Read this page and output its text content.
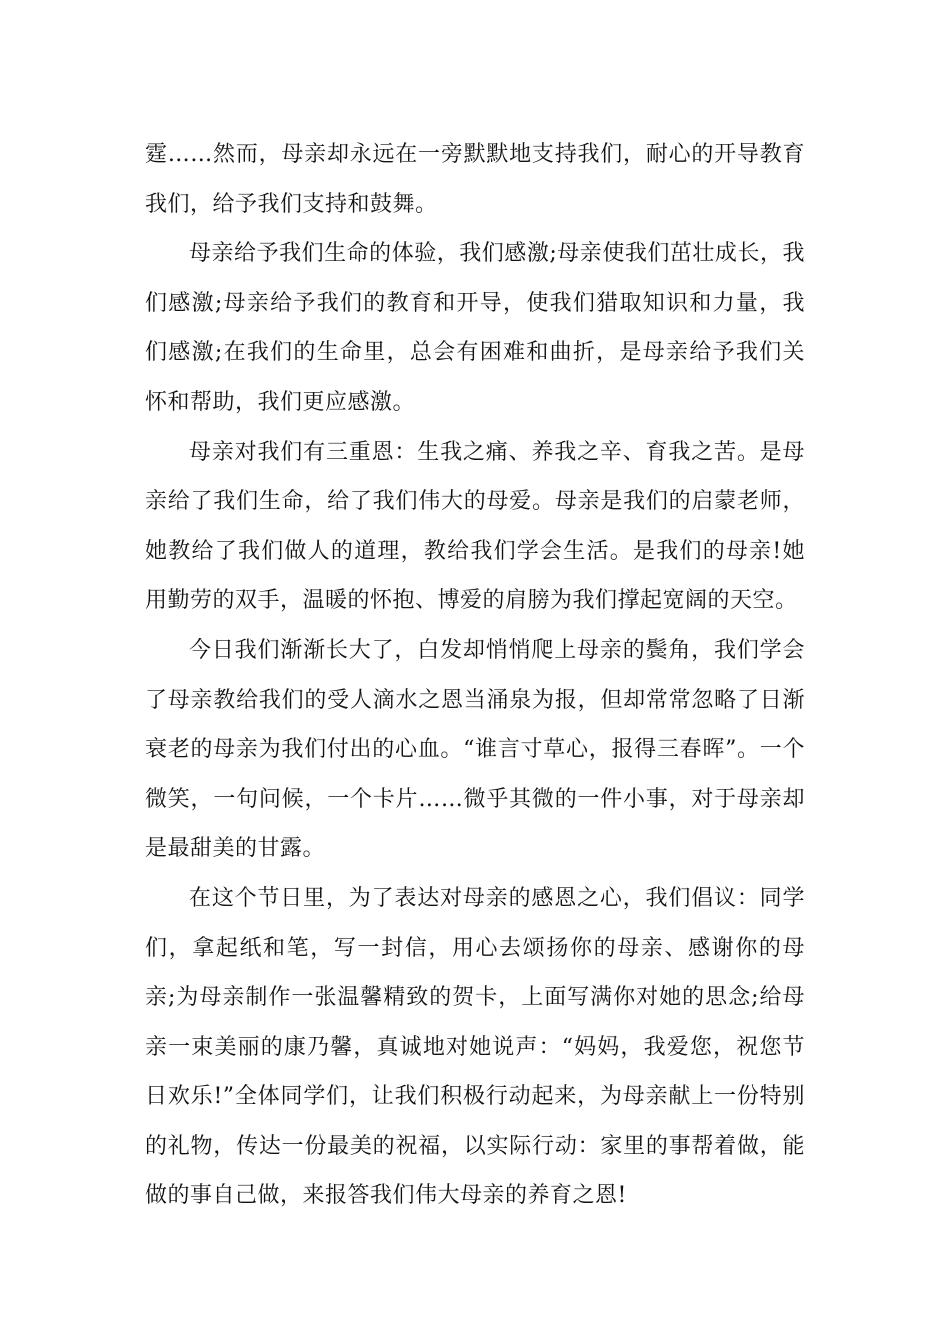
霆……然而，母亲却永远在一旁默默地支持我们，耐心的开导教育我们，给予我们支持和鼓舞。

母亲给予我们生命的体验，我们感激;母亲使我们茁壮成长，我们感激;母亲给予我们的教育和开导，使我们猎取知识和力量，我们感激;在我们的生命里，总会有困难和曲折，是母亲给予我们关怀和帮助，我们更应感激。

母亲对我们有三重恩：生我之痛、养我之辛、育我之苦。是母亲给了我们生命，给了我们伟大的母爱。母亲是我们的启蒙老师，她教给了我们做人的道理，教给我们学会生活。是我们的母亲!她用勤劳的双手，温暖的怀抱、博爱的肩膀为我们撑起宽阔的天空。

今日我们渐渐长大了，白发却悄悄爬上母亲的鬓角，我们学会了母亲教给我们的受人滴水之恩当涌泉为报，但却常常忽略了日渐衰老的母亲为我们付出的心血。“谁言寸草心，报得三春晖”。一个微笑，一句问候，一个卡片……微乎其微的一件小事，对于母亲却是最甜美的甘露。

在这个节日里，为了表达对母亲的感恩之心，我们倡议：同学们，拿起纸和笔，写一封信，用心去颂扬你的母亲、感谢你的母亲;为母亲制作一张温馨精致的贺卡，上面写满你对她的思念;给母亲一束美丽的康乃馨，真诚地对她说声：“妈妈，我爱您，祝您节日欢乐!”全体同学们，让我们积极行动起来，为母亲献上一份特别的礼物，传达一份最美的祝福，以实际行动：家里的事帮着做，能做的事自己做，来报答我们伟大母亲的养育之恩!
